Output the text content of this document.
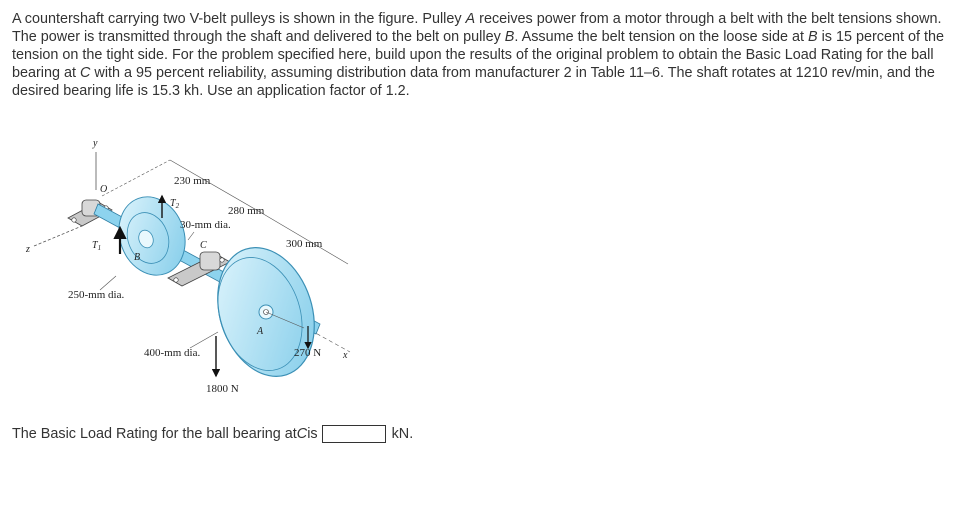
A countershaft carrying two V-belt pulleys is shown in the figure. Pulley A receives power from a motor through a belt with the belt tensions shown. The power is transmitted through the shaft and delivered to the belt on pulley B. Assume the belt tension on the loose side at B is 15 percent of the tension on the tight side. For the problem specified here, build upon the results of the original problem to obtain the Basic Load Rating for the ball bearing at C with a 95 percent reliability, assuming distribution data from manufacturer 2 in Table 11–6. The shaft rotates at 1210 rev/min, and the desired bearing life is 15.3 kh. Use an application factor of 1.2.

y
O
z
x
B
$T_1$
$T_2$
230 mm
280 mm
30-mm dia.
C
A
300 mm
250-mm dia.
400-mm dia.
1800 N
270 N
The Basic Load Rating for the ball bearing at C is	kN.
